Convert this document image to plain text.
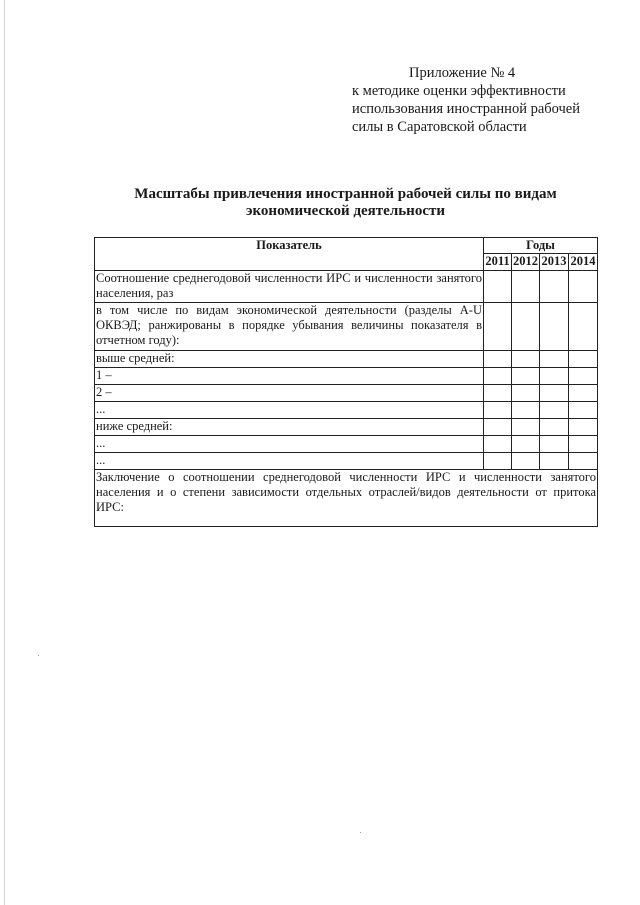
Приложение № 4
к методике оценки эффективности
использования иностранной рабочей
силы в Саратовской области
Масштабы привлечения иностранной рабочей силы по видам
экономической деятельности
Показатель	Годы			
	2011	2012	2013	2014

Соотношение среднегодовой численности ИРС и численности занятого населения, раз				

в том числе по видам экономической деятельности (разделы A-U ОКВЭД; ранжированы в порядке убывания величины показателя в отчетном году):				

выше средней:				

1 –				

2 –				

...				

ниже средней:				

...				

...				

Заключение о соотношении среднегодовой численности ИРС и численности занятого населения и о степени зависимости отдельных отраслей/видов деятельности от притока ИРС:				
